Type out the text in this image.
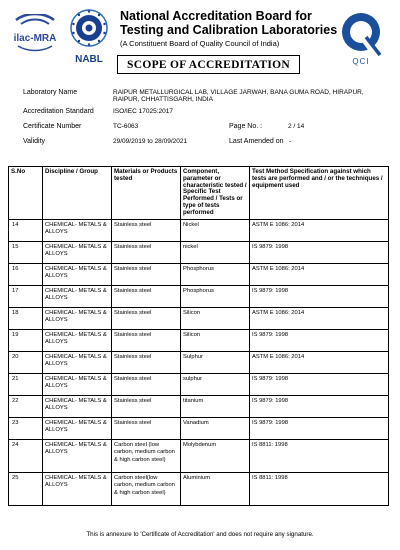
ilac-MRA
NABL
National Accreditation Board for
Testing and Calibration Laboratories
(A Constituent Board of Quality Council of India)
QCI
SCOPE OF ACCREDITATION
Laboratory Name	RAIPUR METALLURGICAL LAB, VILLAGE JARWAH, BANA GUMA ROAD, HIRAPUR,
RAIPUR, CHHATTISGARH, INDIA
Accreditation Standard	ISO/IEC 17025:2017
Certificate Number	TC-6063	Page No. :	2 / 14
Validity	29/09/2019 to 28/09/2021	Last Amended on -
S.No	Discipline / Group	Materials or Products tested	Component, parameter or characteristic tested / Specific Test Performed / Tests or type of tests performed	Test Method Specification against which tests are performed and / or the techniques / equipment used
14	CHEMICAL- METALS & ALLOYS	Stainless steel	Nickel	ASTM E 1086: 2014
15	CHEMICAL- METALS & ALLOYS	Stainless steel	nickel	IS 9879: 1998
16	CHEMICAL- METALS & ALLOYS	Stainless steel	Phosphorus	ASTM E 1086: 2014
17	CHEMICAL- METALS & ALLOYS	Stainless steel	Phosphorus	IS 9879: 1998
18	CHEMICAL- METALS & ALLOYS	Stainless steel	Silicon	ASTM E 1086: 2014
19	CHEMICAL- METALS & ALLOYS	Stainless steel	Silicon	IS 9879: 1998
20	CHEMICAL- METALS & ALLOYS	Stainless steel	Sulphur	ASTM E 1086: 2014
21	CHEMICAL- METALS & ALLOYS	Stainless steel	sulphur	IS 9879: 1998
22	CHEMICAL- METALS & ALLOYS	Stainless steel	titanium	IS 9879: 1998
23	CHEMICAL- METALS & ALLOYS	Stainless steel	Vanadium	IS 9879: 1998
24	CHEMICAL- METALS & ALLOYS	Carbon steel (low carbon, medium carbon & high carbon steel)	Molybdenum	IS 8811: 1998
25	CHEMICAL- METALS & ALLOYS	Carbon steel(low carbon, medium carbon & high carbon steel)	Aluminium	IS 8811: 1998
This is annexure to 'Certificate of Accreditation' and does not require any signature.
